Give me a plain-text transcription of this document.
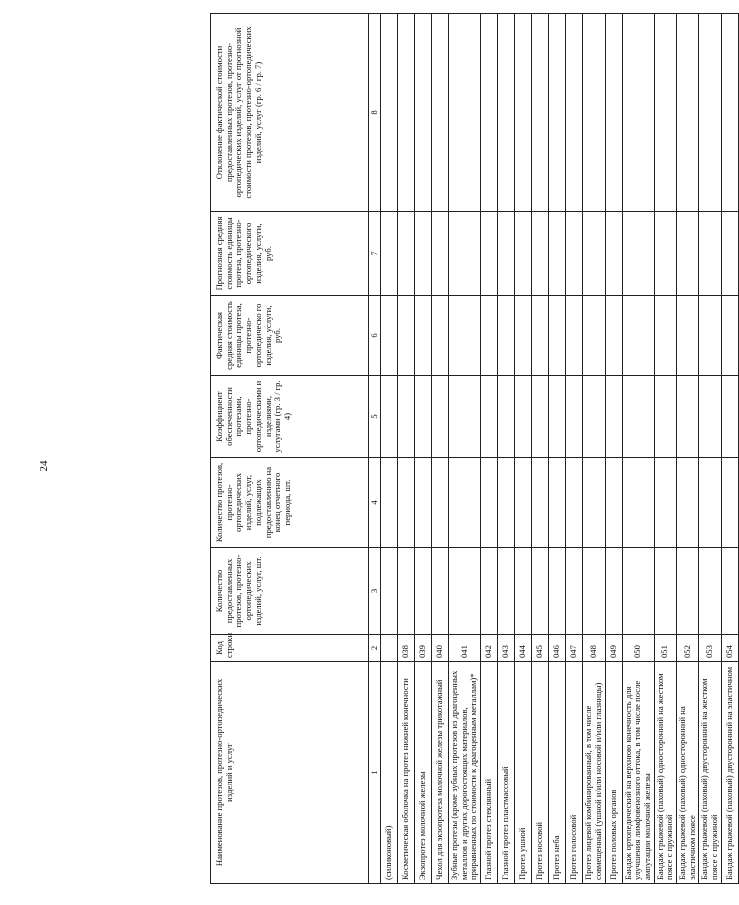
24
Наименование протезов, протезно-ортопедических изделий и услуг	Код строки	Количество предоставленных протезов, протезно-ортопедических изделий, услуг, шт.	Количество протезов, протезно-ортопедических изделий, услуг, подлежащих предоставлению на конец отчетного периода, шт.	Коэффициент обеспеченности протезами, протезно-ортопедическими и изделиями, услугами (гр. 3 / гр. 4)	Фактическая средняя стоимость единицы протеза, протезно-ортопедическо го изделия, услуги, руб.	Прогнозная средняя стоимость единицы протеза, протезно-ортопедического изделия, услуги, руб.	Отклонение фактической стоимости предоставленных протезов, протезно-ортопедических изделий, услуг от прогнозной стоимости протезов, протезно-ортопедических изделий, услуг (гр. 6 / гр. 7)
1	2	3	4	5	6	7	8
(силиконовый)							
Косметическая оболочка на протез нижней конечности	038						
Экзопротез молочной железы	039						
Чехол для экзопротеза молочной железы трикотажный	040						
Зубные протезы (кроме зубных протезов из драгоценных металлов и других дорогостоящих материалов, приравненных по стоимости к драгоценным металлам)*	041						
Глазной протез стеклянный	042						
Глазной протез пластмассовый	043						
Протез ушной	044						
Протез носовой	045						
Протез неба	046						
Протез голосовой	047						
Протез лицевой комбинированный, в том числе совмещенный (ушной и/или носовой и/или глазницы)	048						
Протез половых органов	049						
Бандаж ортопедический на верхнюю конечность для улучшения лимфовенозного оттока, в том числе после ампутации молочной железы	050						
Бандаж грыжевой (паховый) односторонний на жестком поясе с пружиной	051						
Бандаж грыжевой (паховый) односторонний на эластичном поясе	052						
Бандаж грыжевой (паховый) двусторонний на жестком поясе с пружиной	053						
Бандаж грыжевой (паховый) двусторонний на эластичном	054						
